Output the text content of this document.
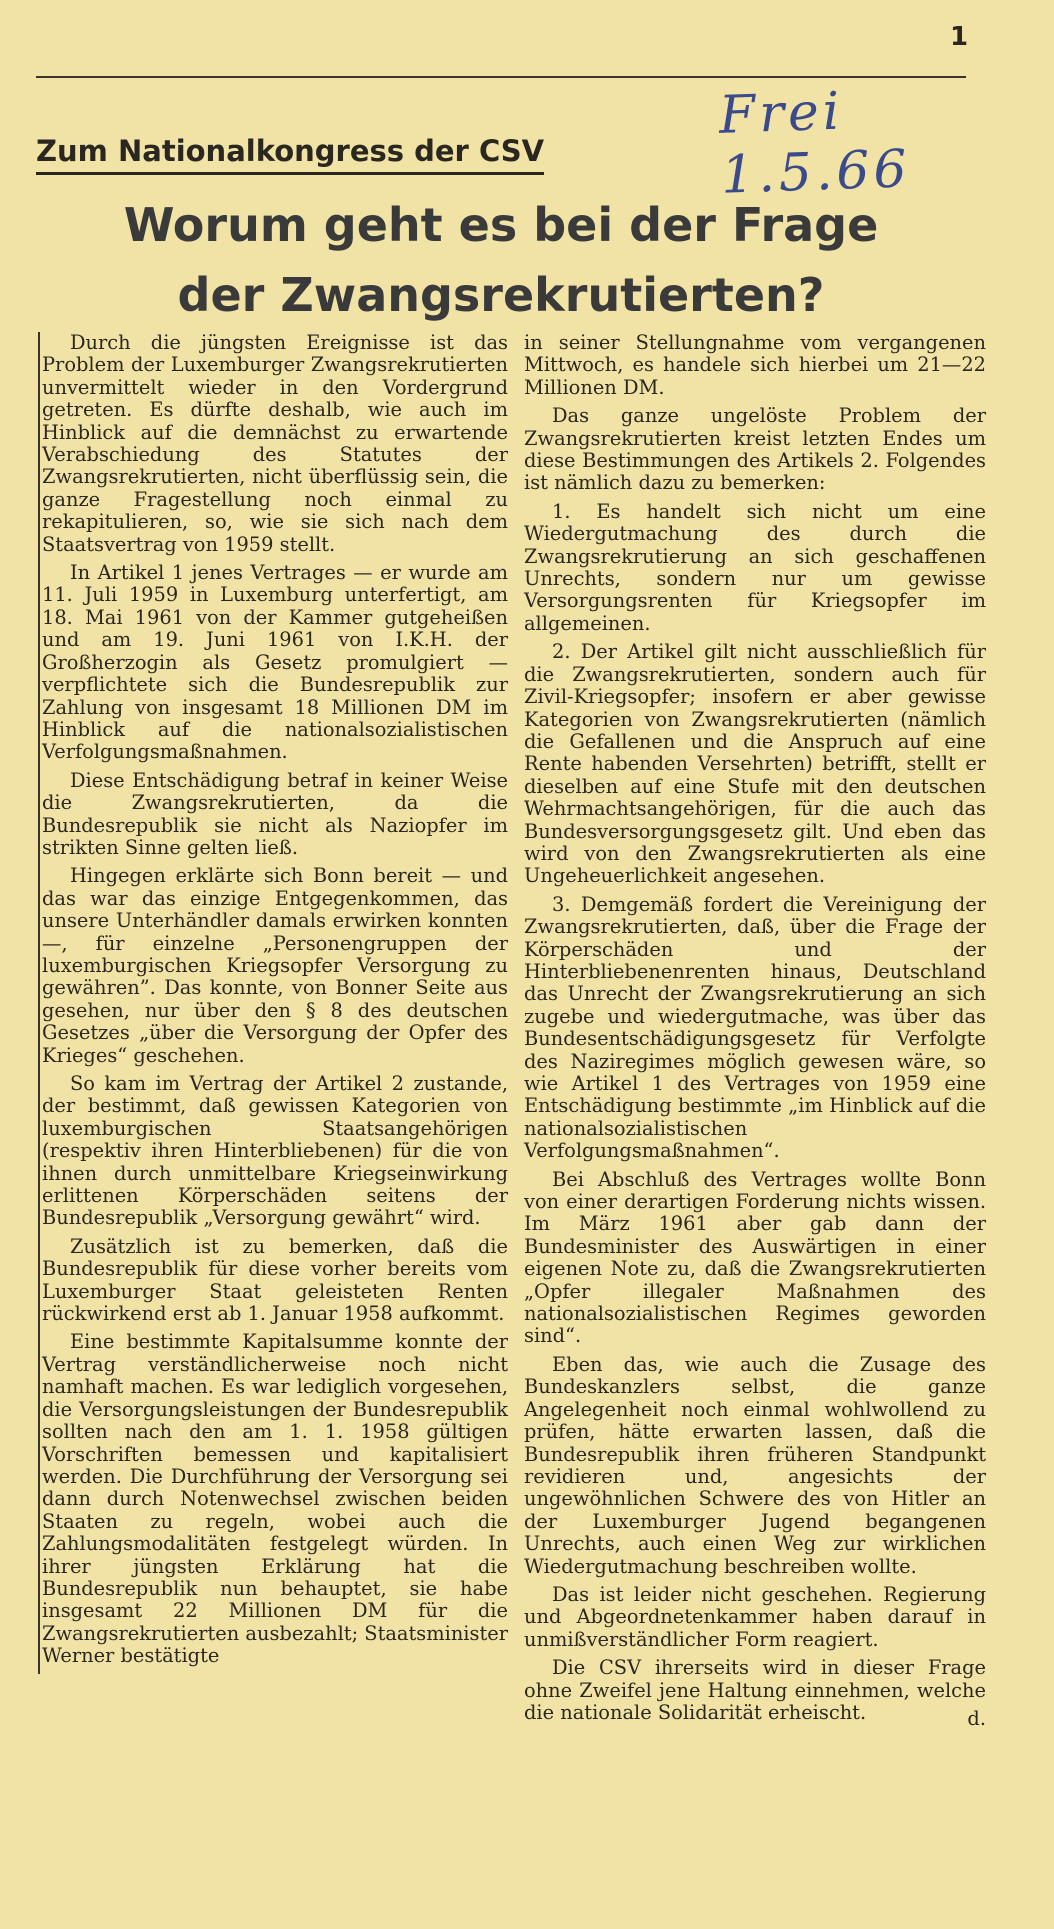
1
Frei 1.5.66
Zum Nationalkongress der CSV
Worum geht es bei der Frage
der Zwangsrekrutierten?

Durch die jüngsten Ereignisse ist das Problem der Luxemburger Zwangsrekrutierten unvermittelt wieder in den Vordergrund getreten. Es dürfte deshalb, wie auch im Hinblick auf die demnächst zu erwartende Verabschiedung des Statutes der Zwangsrekrutierten, nicht überflüssig sein, die ganze Fragestellung noch einmal zu rekapitulieren, so, wie sie sich nach dem Staatsvertrag von 1959 stellt.

In Artikel 1 jenes Vertrages — er wurde am 11. Juli 1959 in Luxemburg unterfertigt, am 18. Mai 1961 von der Kammer gutgeheißen und am 19. Juni 1961 von I.K.H. der Großherzogin als Gesetz promulgiert — verpflichtete sich die Bundesrepublik zur Zahlung von insgesamt 18 Millionen DM im Hinblick auf die nationalsozialistischen Verfolgungsmaßnahmen.

Diese Entschädigung betraf in keiner Weise die Zwangsrekrutierten, da die Bundesrepublik sie nicht als Naziopfer im strikten Sinne gelten ließ.

Hingegen erklärte sich Bonn bereit — und das war das einzige Entgegenkommen, das unsere Unterhändler damals erwirken konnten —, für einzelne „Personengruppen der luxemburgischen Kriegsopfer Versorgung zu gewähren”. Das konnte, von Bonner Seite aus gesehen, nur über den § 8 des deutschen Gesetzes „über die Versorgung der Opfer des Krieges“ geschehen.

So kam im Vertrag der Artikel 2 zustande, der bestimmt, daß gewissen Kategorien von luxemburgischen Staatsangehörigen (respektiv ihren Hinterbliebenen) für die von ihnen durch unmittelbare Kriegseinwirkung erlittenen Körperschäden seitens der Bundesrepublik „Versorgung gewährt“ wird.

Zusätzlich ist zu bemerken, daß die Bundesrepublik für diese vorher bereits vom Luxemburger Staat geleisteten Renten rückwirkend erst ab 1. Januar 1958 aufkommt.

Eine bestimmte Kapitalsumme konnte der Vertrag verständlicherweise noch nicht namhaft machen. Es war lediglich vorgesehen, die Versorgungsleistungen der Bundesrepublik sollten nach den am 1. 1. 1958 gültigen Vorschriften bemessen und kapitalisiert werden. Die Durchführung der Versorgung sei dann durch Notenwechsel zwischen beiden Staaten zu regeln, wobei auch die Zahlungsmodalitäten festgelegt würden. In ihrer jüngsten Erklärung hat die Bundesrepublik nun behauptet, sie habe insgesamt 22 Millionen DM für die Zwangsrekrutierten ausbezahlt; Staatsminister Werner bestätigte

in seiner Stellungnahme vom vergangenen Mittwoch, es handele sich hierbei um 21—22 Millionen DM.

Das ganze ungelöste Problem der Zwangsrekrutierten kreist letzten Endes um diese Bestimmungen des Artikels 2. Folgendes ist nämlich dazu zu bemerken:

1. Es handelt sich nicht um eine Wiedergutmachung des durch die Zwangsrekrutierung an sich geschaffenen Unrechts, sondern nur um gewisse Versorgungsrenten für Kriegsopfer im allgemeinen.

2. Der Artikel gilt nicht ausschließlich für die Zwangsrekrutierten, sondern auch für Zivil-Kriegsopfer; insofern er aber gewisse Kategorien von Zwangsrekrutierten (nämlich die Gefallenen und die Anspruch auf eine Rente habenden Versehrten) betrifft, stellt er dieselben auf eine Stufe mit den deutschen Wehrmachtsangehörigen, für die auch das Bundesversorgungsgesetz gilt. Und eben das wird von den Zwangsrekrutierten als eine Ungeheuerlichkeit angesehen.

3. Demgemäß fordert die Vereinigung der Zwangsrekrutierten, daß, über die Frage der Körperschäden und der Hinterbliebenenrenten hinaus, Deutschland das Unrecht der Zwangsrekrutierung an sich zugebe und wiedergutmache, was über das Bundesentschädigungsgesetz für Verfolgte des Naziregimes möglich gewesen wäre, so wie Artikel 1 des Vertrages von 1959 eine Entschädigung bestimmte „im Hinblick auf die nationalsozialistischen Verfolgungsmaßnahmen“.

Bei Abschluß des Vertrages wollte Bonn von einer derartigen Forderung nichts wissen. Im März 1961 aber gab dann der Bundesminister des Auswärtigen in einer eigenen Note zu, daß die Zwangsrekrutierten „Opfer illegaler Maßnahmen des nationalsozialistischen Regimes geworden sind“.

Eben das, wie auch die Zusage des Bundeskanzlers selbst, die ganze Angelegenheit noch einmal wohlwollend zu prüfen, hätte erwarten lassen, daß die Bundesrepublik ihren früheren Standpunkt revidieren und, angesichts der ungewöhnlichen Schwere des von Hitler an der Luxemburger Jugend begangenen Unrechts, auch einen Weg zur wirklichen Wiedergutmachung beschreiben wollte.

Das ist leider nicht geschehen. Regierung und Abgeordnetenkammer haben darauf in unmißverständlicher Form reagiert.

Die CSV ihrerseits wird in dieser Frage ohne Zweifel jene Haltung einnehmen, welche die nationale Solidarität erheischt.	d.
